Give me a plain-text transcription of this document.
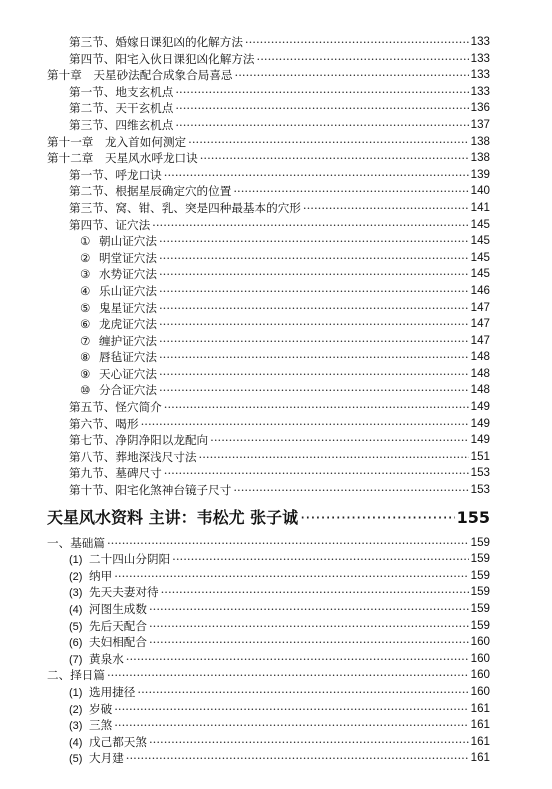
第三节、婚嫁日课犯凶的化解方法 ·····	133
第四节、阳宅入伙日课犯凶化解方法 ·····	133
第十章　天星砂法配合成象合局喜忌 ·····	133
第一节、地支玄机点 ·····	133
第二节、天干玄机点 ·····	136
第三节、四维玄机点 ·····	137
第十一章　龙入首如何测定 ·····	138
第十二章　天星风水呼龙口诀 ·····	138
第一节、呼龙口诀 ·····	139
第二节、根据星辰确定穴的位置 ·····	140
第三节、窝、钳、乳、突是四种最基本的穴形 ·····	141
第四节、证穴法 ·····	145
① 朝山证穴法 ·····	145
② 明堂证穴法 ·····	145
③ 水势证穴法 ·····	145
④ 乐山证穴法 ·····	146
⑤ 鬼星证穴法 ·····	147
⑥ 龙虎证穴法 ·····	147
⑦ 缠护证穴法 ·····	147
⑧ 唇毡证穴法 ·····	148
⑨ 天心证穴法 ·····	148
⑩ 分合证穴法 ·····	148
第五节、怪穴简介 ·····	149
第六节、喝形 ·····	149
第七节、净阴净阳以龙配向 ·····	149
第八节、葬地深浅尺寸法 ·····	151
第九节、墓碑尺寸 ·····	153
第十节、阳宅化煞神台镜子尺寸 ·····	153
天星风水资料 主讲：韦松尤 张子诚 ·····	155
一、基础篇 ·····	159
(1) 二十四山分阴阳 ·····	159
(2) 纳甲 ·····	159
(3) 先天夫妻对待 ·····	159
(4) 河图生成数 ·····	159
(5) 先后天配合 ·····	159
(6) 夫妇相配合 ·····	160
(7) 黄泉水 ·····	160
二、择日篇 ·····	160
(1) 选用捷径 ·····	160
(2) 岁破 ·····	161
(3) 三煞 ·····	161
(4) 戊己都天煞 ·····	161
(5) 大月建 ·····	161
